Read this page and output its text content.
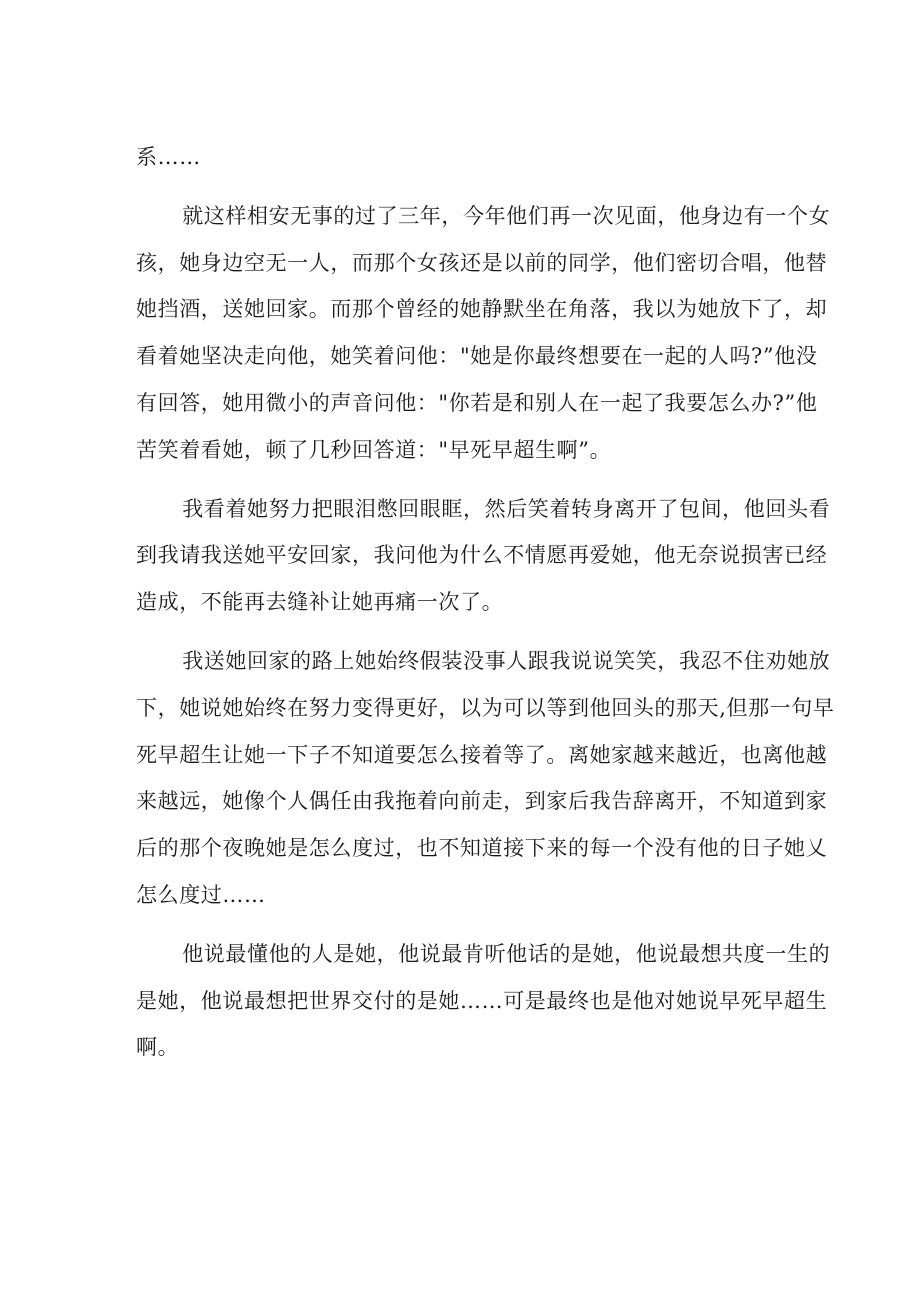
系……

就这样相安无事的过了三年，今年他们再一次见面，他身边有一个女
孩，她身边空无一人，而那个女孩还是以前的同学，他们密切合唱，他替
她挡酒，送她回家。而那个曾经的她静默坐在角落，我以为她放下了，却
看着她坚决走向他，她笑着问他："她是你最终想要在一起的人吗?”他没
有回答，她用微小的声音问他："你若是和别人在一起了我要怎么办?”他
苦笑着看她，顿了几秒回答道："早死早超生啊”。

我看着她努力把眼泪憋回眼眶，然后笑着转身离开了包间，他回头看
到我请我送她平安回家，我问他为什么不情愿再爱她，他无奈说损害已经
造成，不能再去缝补让她再痛一次了。

我送她回家的路上她始终假装没事人跟我说说笑笑，我忍不住劝她放
下，她说她始终在努力变得更好，以为可以等到他回头的那天,但那一句早
死早超生让她一下子不知道要怎么接着等了。离她家越来越近，也离他越
来越远，她像个人偶任由我拖着向前走，到家后我告辞离开，不知道到家
后的那个夜晚她是怎么度过，也不知道接下来的每一个没有他的日子她乂
怎么度过……

他说最懂他的人是她，他说最肯听他话的是她，他说最想共度一生的
是她，他说最想把世界交付的是她……可是最终也是他对她说早死早超生
啊。
